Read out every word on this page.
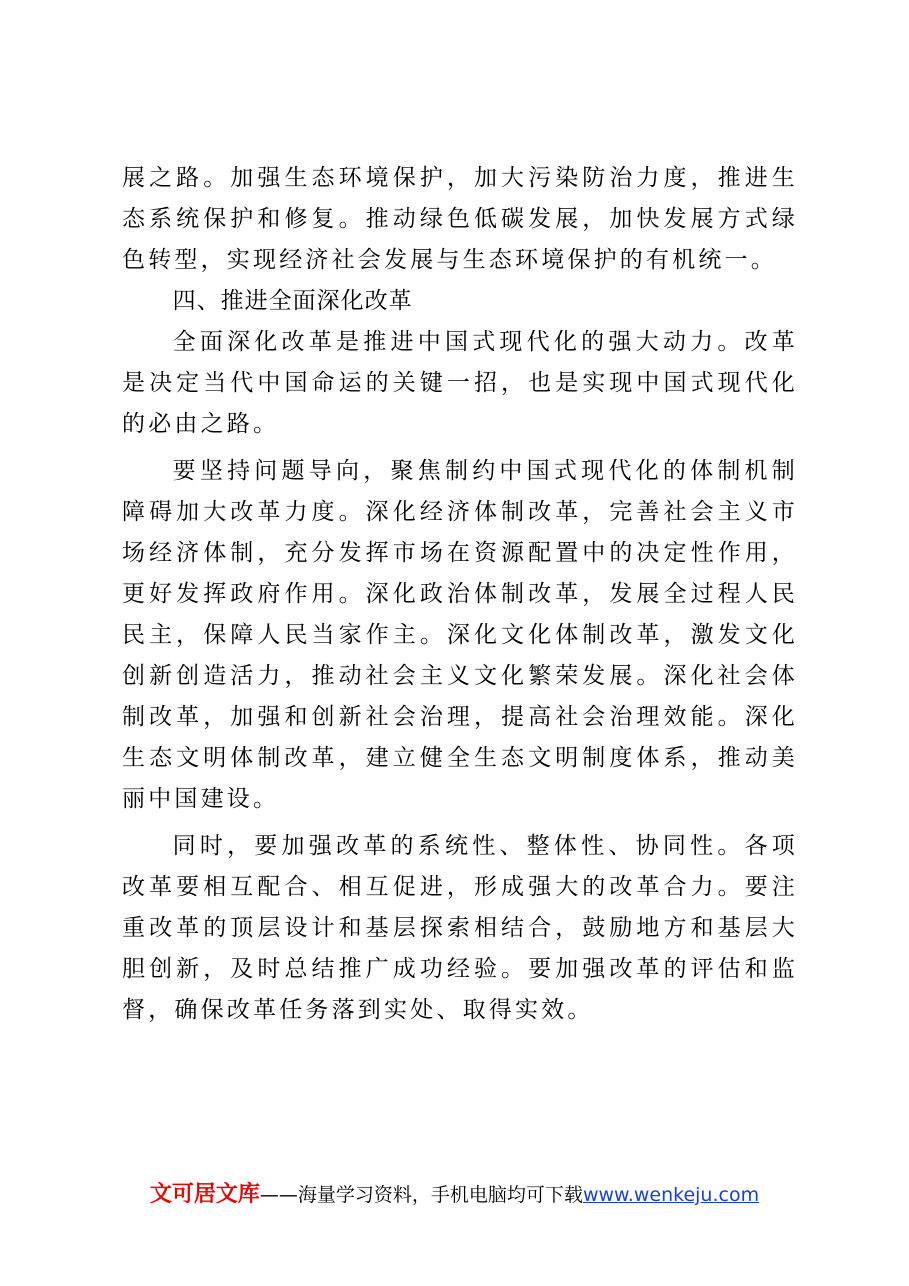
展之路。加强生态环境保护，加大污染防治力度，推进生态系统保护和修复。推动绿色低碳发展，加快发展方式绿色转型，实现经济社会发展与生态环境保护的有机统一。

四、推进全面深化改革

全面深化改革是推进中国式现代化的强大动力。改革是决定当代中国命运的关键一招，也是实现中国式现代化的必由之路。

要坚持问题导向，聚焦制约中国式现代化的体制机制障碍加大改革力度。深化经济体制改革，完善社会主义市场经济体制，充分发挥市场在资源配置中的决定性作用，更好发挥政府作用。深化政治体制改革，发展全过程人民民主，保障人民当家作主。深化文化体制改革，激发文化创新创造活力，推动社会主义文化繁荣发展。深化社会体制改革，加强和创新社会治理，提高社会治理效能。深化生态文明体制改革，建立健全生态文明制度体系，推动美丽中国建设。

同时，要加强改革的系统性、整体性、协同性。各项改革要相互配合、相互促进，形成强大的改革合力。要注重改革的顶层设计和基层探索相结合，鼓励地方和基层大胆创新，及时总结推广成功经验。要加强改革的评估和监督，确保改革任务落到实处、取得实效。

文可居文库——海量学习资料，手机电脑均可下载www.wenkeju.com
